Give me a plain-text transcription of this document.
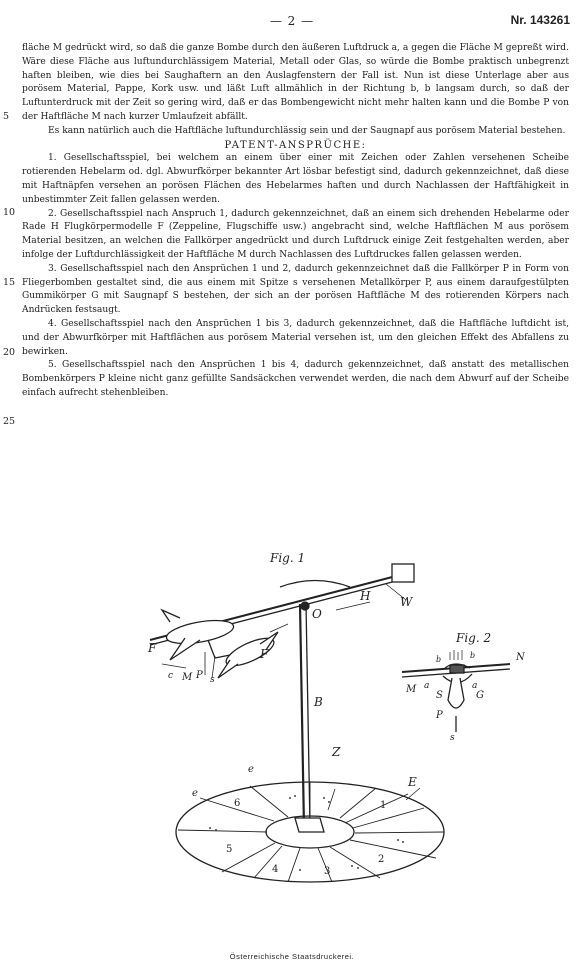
— 2 —	Nr. 143261
5
10
15
20
25

fläche M gedrückt wird, so daß die ganze Bombe durch den äußeren Luftdruck a, a gegen die Fläche M gepreßt wird. Wäre diese Fläche aus luftundurchlässigem Material, Metall oder Glas, so würde die Bombe praktisch unbegrenzt haften bleiben, wie dies bei Saughaftern an den Auslagfenstern der Fall ist. Nun ist diese Unterlage aber aus porösem Material, Pappe, Kork usw. und läßt Luft allmählich in der Richtung b, b langsam durch, so daß der Luftunterdruck mit der Zeit so gering wird, daß er das Bombengewicht nicht mehr halten kann und die Bombe P von der Haftfläche M nach kurzer Umlaufzeit abfällt.

Es kann natürlich auch die Haftfläche luftundurchlässig sein und der Saugnapf aus porösem Material bestehen.

PATENT-ANSPRÜCHE:

1. Gesellschaftsspiel, bei welchem an einem über einer mit Zeichen oder Zahlen versehenen Scheibe rotierenden Hebelarm od. dgl. Abwurfkörper bekannter Art lösbar befestigt sind, dadurch gekennzeichnet, daß diese mit Haftnäpfen versehen an porösen Flächen des Hebelarmes haften und durch Nachlassen der Haftfähigkeit in unbestimmter Zeit fallen gelassen werden.

2. Gesellschaftsspiel nach Anspruch 1, dadurch gekennzeichnet, daß an einem sich drehenden Hebelarme oder Rade H Flugkörpermodelle F (Zeppeline, Flugschiffe usw.) angebracht sind, welche Haftflächen M aus porösem Material besitzen, an welchen die Fallkörper angedrückt und durch Luftdruck einige Zeit festgehalten werden, aber infolge der Luftdurchlässigkeit der Haftfläche M durch Nachlassen des Luftdruckes fallen gelassen werden.

3. Gesellschaftsspiel nach den Ansprüchen 1 und 2, dadurch gekennzeichnet daß die Fallkörper P in Form von Fliegerbomben gestaltet sind, die aus einem mit Spitze s versehenen Metallkörper P, aus einem daraufgestülpten Gummikörper G mit Saugnapf S bestehen, der sich an der porösen Haftfläche M des rotierenden Körpers nach Andrücken festsaugt.

4. Gesellschaftsspiel nach den Ansprüchen 1 bis 3, dadurch gekennzeichnet, daß die Haftfläche luftdicht ist, und der Abwurfkörper mit Haftflächen aus porösem Material versehen ist, um den gleichen Effekt des Abfallens zu bewirken.

5. Gesellschaftsspiel nach den Ansprüchen 1 bis 4, dadurch gekennzeichnet, daß anstatt des metallischen Bombenkörpers P kleine nicht ganz gefüllte Sandsäckchen verwendet werden, die nach dem Abwurf auf der Scheibe einfach aufrecht stehenbleiben.

Fig. 1
Fig. 2
H W
O
F	F
c M P s
B
Z
E
e
e
N
M a
S
a
G
P
s
b	b
6
5
4	3
2
1
Österreichische Staatsdruckerei.
